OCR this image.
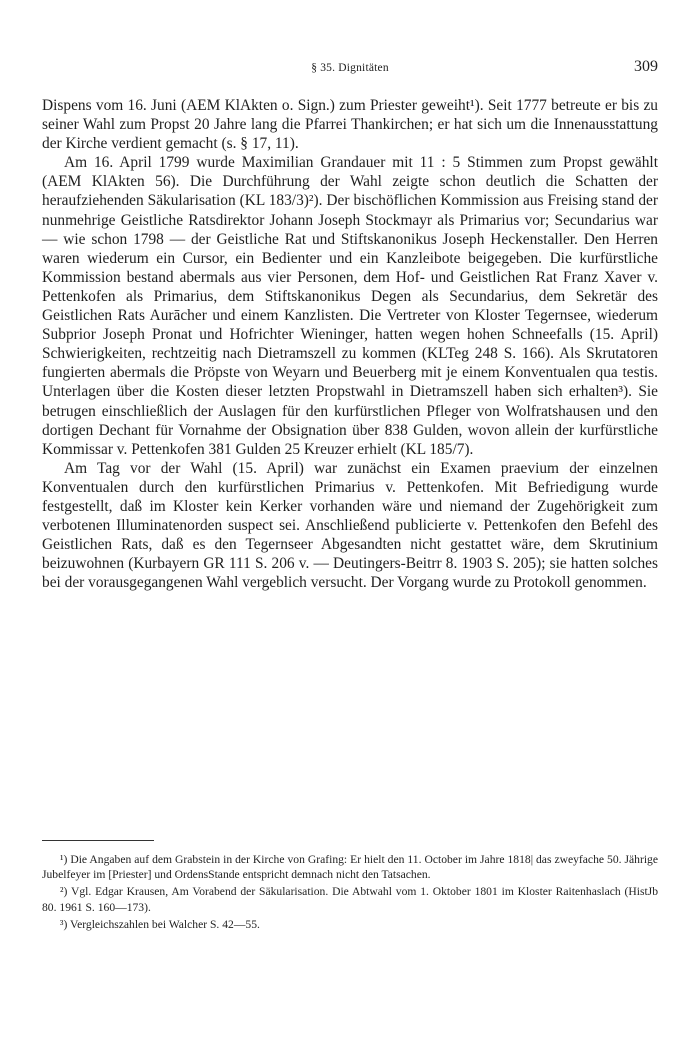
§ 35. Dignitäten	309

Dispens vom 16. Juni (AEM KlAkten o. Sign.) zum Priester geweiht¹). Seit 1777 betreute er bis zu seiner Wahl zum Propst 20 Jahre lang die Pfarrei Thankirchen; er hat sich um die Innenausstattung der Kirche verdient gemacht (s. § 17, 11).

Am 16. April 1799 wurde Maximilian Grandauer mit 11 : 5 Stimmen zum Propst gewählt (AEM KlAkten 56). Die Durchführung der Wahl zeigte schon deutlich die Schatten der heraufziehenden Säkularisation (KL 183/3)²). Der bischöflichen Kommission aus Freising stand der nunmehrige Geistliche Ratsdirektor Johann Joseph Stockmayr als Primarius vor; Secundarius war — wie schon 1798 — der Geistliche Rat und Stiftskanonikus Joseph Heckenstaller. Den Herren waren wiederum ein Cursor, ein Bedienter und ein Kanzleibote beigegeben. Die kurfürstliche Kommission bestand abermals aus vier Personen, dem Hof- und Geistlichen Rat Franz Xaver v. Pettenkofen als Primarius, dem Stiftskanonikus Degen als Secundarius, dem Sekretär des Geistlichen Rats Aurācher und einem Kanzlisten. Die Vertreter von Kloster Tegernsee, wiederum Subprior Joseph Pronat und Hofrichter Wieninger, hatten wegen hohen Schneefalls (15. April) Schwierigkeiten, rechtzeitig nach Dietramszell zu kommen (KLTeg 248 S. 166). Als Skrutatoren fungierten abermals die Pröpste von Weyarn und Beuerberg mit je einem Konventualen qua testis. Unterlagen über die Kosten dieser letzten Propstwahl in Dietramszell haben sich erhalten³). Sie betrugen einschließlich der Auslagen für den kurfürstlichen Pfleger von Wolfratshausen und den dortigen Dechant für Vornahme der Obsignation über 838 Gulden, wovon allein der kurfürstliche Kommissar v. Pettenkofen 381 Gulden 25 Kreuzer erhielt (KL 185/7).

Am Tag vor der Wahl (15. April) war zunächst ein Examen praevium der einzelnen Konventualen durch den kurfürstlichen Primarius v. Pettenkofen. Mit Befriedigung wurde festgestellt, daß im Kloster kein Kerker vorhanden wäre und niemand der Zugehörigkeit zum verbotenen Illuminatenorden suspect sei. Anschließend publicierte v. Pettenkofen den Befehl des Geistlichen Rats, daß es den Tegernseer Abgesandten nicht gestattet wäre, dem Skrutinium beizuwohnen (Kurbayern GR 111 S. 206 v. — Deutingers-Beitrr 8. 1903 S. 205); sie hatten solches bei der vorausgegangenen Wahl vergeblich versucht. Der Vorgang wurde zu Protokoll genommen.

¹) Die Angaben auf dem Grabstein in der Kirche von Grafing: Er hielt den 11. October im Jahre 1818| das zweyfache 50. Jährige Jubelfeyer im [Priester] und OrdensStande entspricht demnach nicht den Tatsachen.

²) Vgl. Edgar Krausen, Am Vorabend der Säkularisation. Die Abtwahl vom 1. Oktober 1801 im Kloster Raitenhaslach (HistJb 80. 1961 S. 160—173).

³) Vergleichszahlen bei Walcher S. 42—55.
